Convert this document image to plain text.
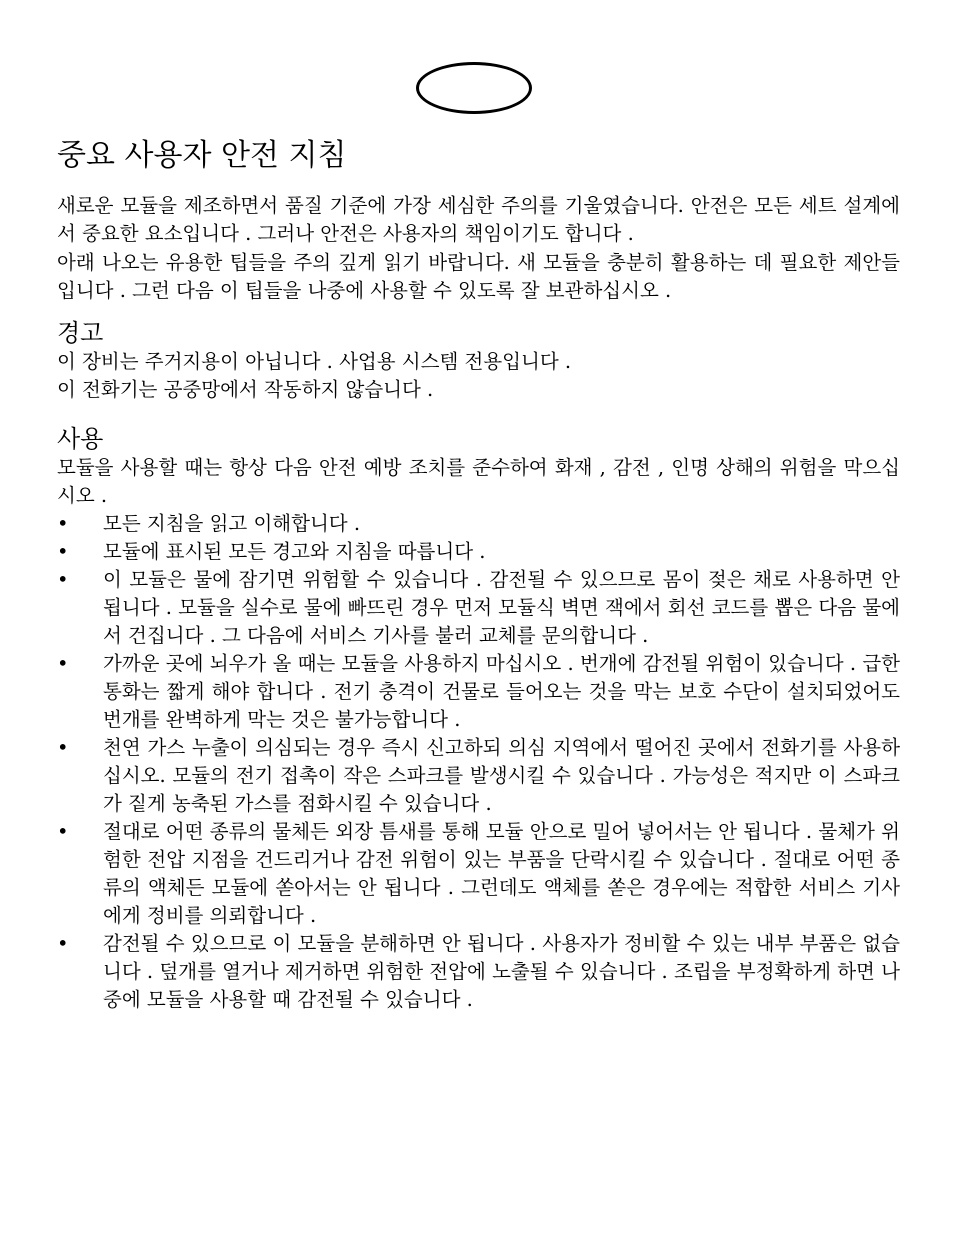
중요 사용자 안전 지침

새로운 모듈을 제조하면서 품질 기준에 가장 세심한 주의를 기울였습니다. 안전은 모든 세트 설계에서 중요한 요소입니다 . 그러나 안전은 사용자의 책임이기도 합니다 .

아래 나오는 유용한 팁들을 주의 깊게 읽기 바랍니다. 새 모듈을 충분히 활용하는 데 필요한 제안들입니다 . 그런 다음 이 팁들을 나중에 사용할 수 있도록 잘 보관하십시오 .

경고

이 장비는 주거지용이 아닙니다 . 사업용 시스템 전용입니다 .

이 전화기는 공중망에서 작동하지 않습니다 .

사용

모듈을 사용할 때는 항상 다음 안전 예방 조치를 준수하여 화재 , 감전 , 인명 상해의 위험을 막으십시오 .

• 모든 지침을 읽고 이해합니다 .
• 모듈에 표시된 모든 경고와 지침을 따릅니다 .
• 이 모듈은 물에 잠기면 위험할 수 있습니다 . 감전될 수 있으므로 몸이 젖은 채로 사용하면 안 됩니다 . 모듈을 실수로 물에 빠뜨린 경우 먼저 모듈식 벽면 잭에서 회선 코드를 뽑은 다음 물에서 건집니다 . 그 다음에 서비스 기사를 불러 교체를 문의합니다 .
• 가까운 곳에 뇌우가 올 때는 모듈을 사용하지 마십시오 . 번개에 감전될 위험이 있습니다 . 급한 통화는 짧게 해야 합니다 . 전기 충격이 건물로 들어오는 것을 막는 보호 수단이 설치되었어도 번개를 완벽하게 막는 것은 불가능합니다 .
• 천연 가스 누출이 의심되는 경우 즉시 신고하되 의심 지역에서 떨어진 곳에서 전화기를 사용하십시오. 모듈의 전기 접촉이 작은 스파크를 발생시킬 수 있습니다 . 가능성은 적지만 이 스파크가 짙게 농축된 가스를 점화시킬 수 있습니다 .
• 절대로 어떤 종류의 물체든 외장 틈새를 통해 모듈 안으로 밀어 넣어서는 안 됩니다 . 물체가 위험한 전압 지점을 건드리거나 감전 위험이 있는 부품을 단락시킬 수 있습니다 . 절대로 어떤 종류의 액체든 모듈에 쏟아서는 안 됩니다 . 그런데도 액체를 쏟은 경우에는 적합한 서비스 기사에게 정비를 의뢰합니다 .
• 감전될 수 있으므로 이 모듈을 분해하면 안 됩니다 . 사용자가 정비할 수 있는 내부 부품은 없습니다 . 덮개를 열거나 제거하면 위험한 전압에 노출될 수 있습니다 . 조립을 부정확하게 하면 나중에 모듈을 사용할 때 감전될 수 있습니다 .
